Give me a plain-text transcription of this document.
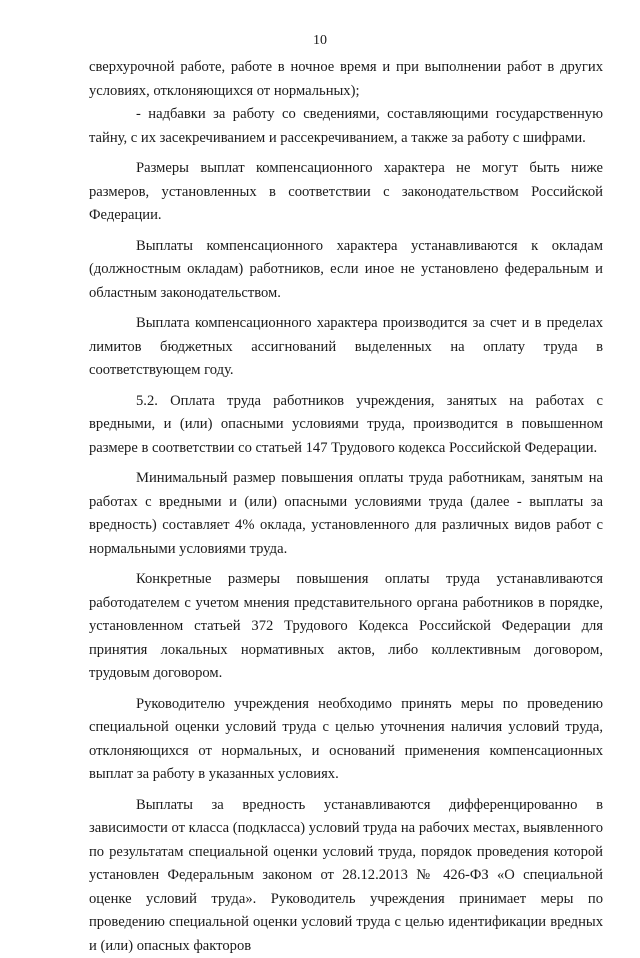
10

сверхурочной работе, работе в ночное время и при выполнении работ в других условиях, отклоняющихся от нормальных);

- надбавки за работу со сведениями, составляющими государственную тайну, с их засекречиванием и рассекречиванием, а также за работу с шифрами.

Размеры выплат компенсационного характера не могут быть ниже размеров, установленных в соответствии с законодательством Российской Федерации.

Выплаты компенсационного характера устанавливаются к окладам (должностным окладам) работников, если иное не установлено федеральным и областным законодательством.

Выплата компенсационного характера производится за счет и в пределах лимитов бюджетных ассигнований выделенных на оплату труда в соответствующем году.

5.2. Оплата труда работников учреждения, занятых на работах с вредными, и (или) опасными условиями труда, производится в повышенном размере в соответствии со статьей 147 Трудового кодекса Российской Федерации.

Минимальный размер повышения оплаты труда работникам, занятым на работах с вредными и (или) опасными условиями труда (далее - выплаты за вредность) составляет 4% оклада, установленного для различных видов работ с нормальными условиями труда.

Конкретные размеры повышения оплаты труда устанавливаются работодателем с учетом мнения представительного органа работников в порядке, установленном статьей 372 Трудового Кодекса Российской Федерации для принятия локальных нормативных актов, либо коллективным договором, трудовым договором.

Руководителю учреждения необходимо принять меры по проведению специальной оценки условий труда с целью уточнения наличия условий труда, отклоняющихся от нормальных, и оснований применения компенсационных выплат за работу в указанных условиях.

Выплаты за вредность устанавливаются дифференцированно в зависимости от класса (подкласса) условий труда на рабочих местах, выявленного по результатам специальной оценки условий труда, порядок проведения которой установлен Федеральным законом от 28.12.2013 № 426-ФЗ «О специальной оценке условий труда». Руководитель учреждения принимает меры по проведению специальной оценки условий труда с целью идентификации вредных и (или) опасных факторов
